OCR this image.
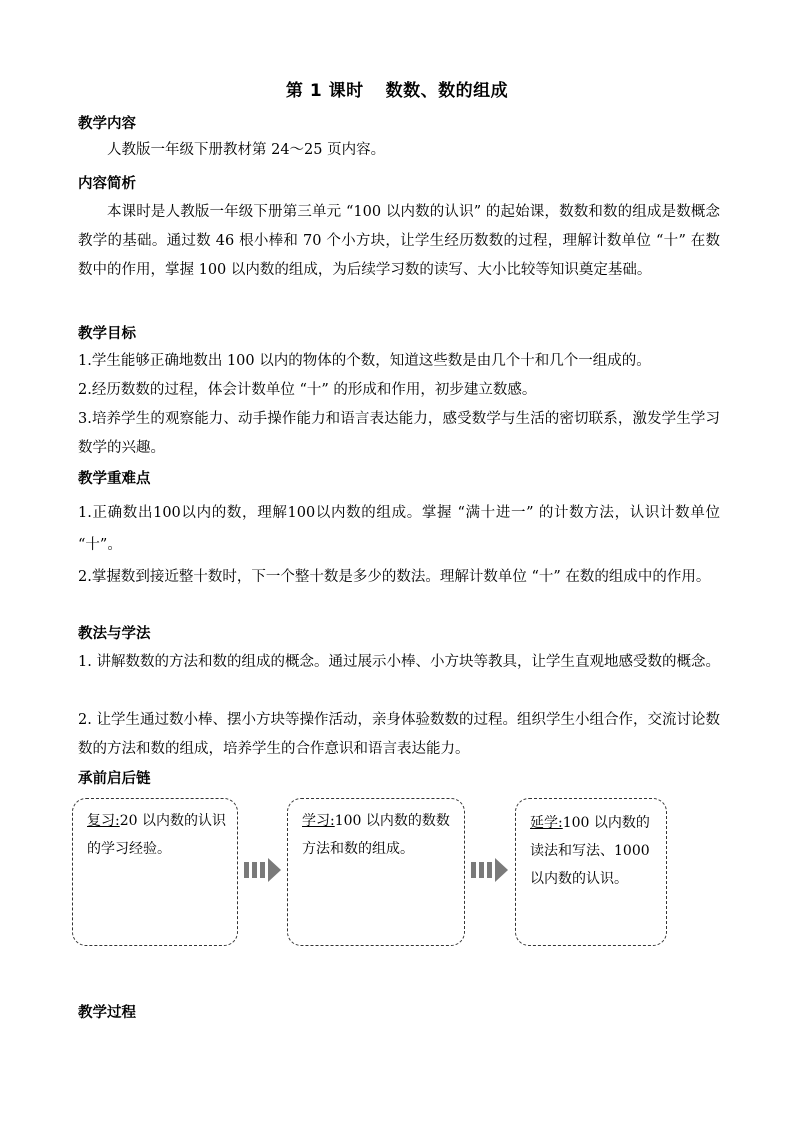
第 1 课时 数数、数的组成
教学内容
人教版一年级下册教材第 24～25 页内容。
内容简析
本课时是人教版一年级下册第三单元 “100 以内数的认识” 的起始课，数数和数的组成是数概念教学的基础。通过数 46 根小棒和 70 个小方块，让学生经历数数的过程，理解计数单位 “十” 在数数中的作用，掌握 100 以内数的组成，为后续学习数的读写、大小比较等知识奠定基础。
教学目标
1.学生能够正确地数出 100 以内的物体的个数，知道这些数是由几个十和几个一组成的。
2.经历数数的过程，体会计数单位 “十” 的形成和作用，初步建立数感。
3.培养学生的观察能力、动手操作能力和语言表达能力，感受数学与生活的密切联系，激发学生学习数学的兴趣。
教学重难点
1.正确数出100以内的数，理解100以内数的组成。掌握 “满十进一” 的计数方法，认识计数单位 “十”。
2.掌握数到接近整十数时，下一个整十数是多少的数法。理解计数单位 “十” 在数的组成中的作用。
教法与学法
1. 讲解数数的方法和数的组成的概念。通过展示小棒、小方块等教具，让学生直观地感受数的概念。
2. 让学生通过数小棒、摆小方块等操作活动，亲身体验数数的过程。组织学生小组合作，交流讨论数数的方法和数的组成，培养学生的合作意识和语言表达能力。
承前启后链
复习:20 以内数的认识的学习经验。
学习:100 以内数的数数方法和数的组成。
延学:100 以内数的读法和写法、1000 以内数的认识。
教学过程
